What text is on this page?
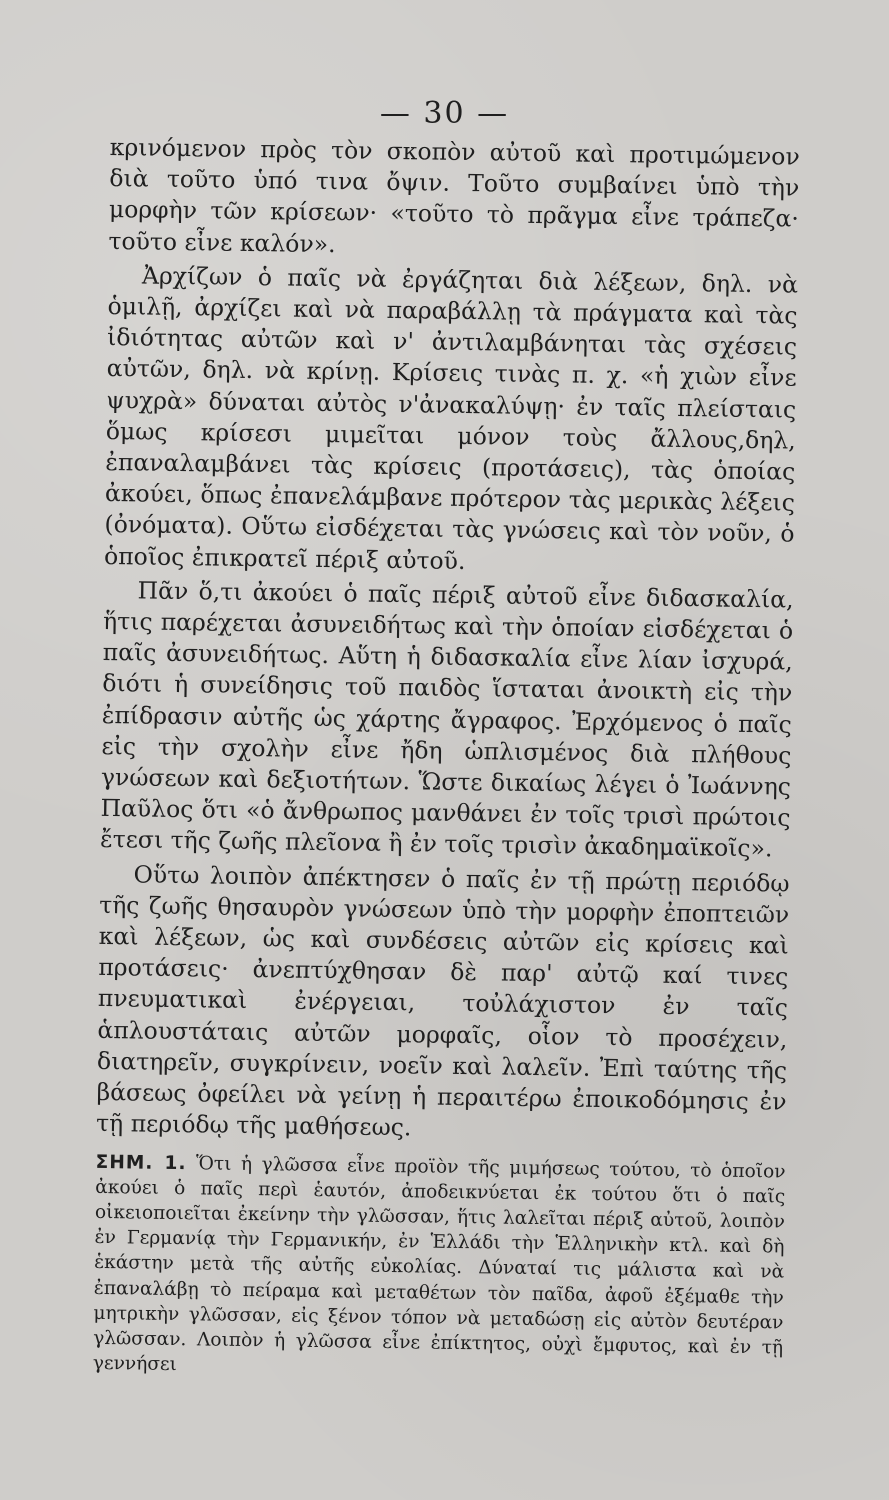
— 30 —

κρινόμενον πρὸς τὸν σκοπὸν αὐτοῦ καὶ προτιμώμενον διὰ τοῦτο ὑπό τινα ὄψιν. Τοῦτο συμβαίνει ὑπὸ τὴν μορφὴν τῶν κρίσεων· «τοῦτο τὸ πρᾶγμα εἶνε τράπεζα· τοῦτο εἶνε καλόν».

Ἀρχίζων ὁ παῖς νὰ ἐργάζηται διὰ λέξεων, δηλ. νὰ ὁμιλῇ, ἀρχίζει καὶ νὰ παραβάλλῃ τὰ πράγματα καὶ τὰς ἰδιότητας αὐτῶν καὶ ν' ἀντιλαμβάνηται τὰς σχέσεις αὐτῶν, δηλ. νὰ κρίνῃ. Κρίσεις τινὰς π. χ. «ἡ χιὼν εἶνε ψυχρὰ» δύναται αὐτὸς ν'ἀνακαλύψῃ· ἐν ταῖς πλείσταις ὅμως κρίσεσι μιμεῖται μόνον τοὺς ἄλλους,δηλ, ἐπαναλαμβάνει τὰς κρίσεις (προτάσεις), τὰς ὁποίας ἀκούει, ὅπως ἐπανελάμβανε πρότερον τὰς μερικὰς λέξεις (ὀνόματα). Οὕτω εἰσδέχεται τὰς γνώσεις καὶ τὸν νοῦν, ὁ ὁποῖος ἐπικρατεῖ πέριξ αὐτοῦ.

Πᾶν ὅ,τι ἀκούει ὁ παῖς πέριξ αὐτοῦ εἶνε διδασκαλία, ἥτις παρέχεται ἀσυνειδήτως καὶ τὴν ὁποίαν εἰσδέχεται ὁ παῖς ἀσυνειδήτως. Αὕτη ἡ διδασκαλία εἶνε λίαν ἰσχυρά, διότι ἡ συνείδησις τοῦ παιδὸς ἵσταται ἀνοικτὴ εἰς τὴν ἐπίδρασιν αὐτῆς ὡς χάρτης ἄγραφος. Ἐρχόμενος ὁ παῖς εἰς τὴν σχολὴν εἶνε ἤδη ὡπλισμένος διὰ πλήθους γνώσεων καὶ δεξιοτήτων. Ὥστε δικαίως λέγει ὁ Ἰωάννης Παῦλος ὅτι «ὁ ἄνθρωπος μανθάνει ἐν τοῖς τρισὶ πρώτοις ἔτεσι τῆς ζωῆς πλεῖονα ἢ ἐν τοῖς τρισὶν ἀκαδημαϊκοῖς».

Οὕτω λοιπὸν ἀπέκτησεν ὁ παῖς ἐν τῇ πρώτῃ περιόδῳ τῆς ζωῆς θησαυρὸν γνώσεων ὑπὸ τὴν μορφὴν ἐποπτειῶν καὶ λέξεων, ὡς καὶ συνδέσεις αὐτῶν εἰς κρίσεις καὶ προτάσεις· ἀνεπτύχθησαν δὲ παρ' αὐτῷ καί τινες πνευματικαὶ ἐνέργειαι, τοὐλάχιστον ἐν ταῖς ἁπλουστάταις αὐτῶν μορφαῖς, οἷον τὸ προσέχειν, διατηρεῖν, συγκρίνειν, νοεῖν καὶ λαλεῖν. Ἐπὶ ταύτης τῆς βάσεως ὀφείλει νὰ γείνῃ ἡ περαιτέρω ἐποικοδόμησις ἐν τῇ περιόδῳ τῆς μαθήσεως.

ΣΗΜ. 1. Ὅτι ἡ γλῶσσα εἶνε προϊὸν τῆς μιμήσεως τούτου, τὸ ὁποῖον ἀκούει ὁ παῖς περὶ ἑαυτόν, ἀποδεικνύεται ἐκ τούτου ὅτι ὁ παῖς οἰκειοποιεῖται ἐκείνην τὴν γλῶσσαν, ἥτις λαλεῖται πέριξ αὐτοῦ, λοιπὸν ἐν Γερμανίᾳ τὴν Γερμανικήν, ἐν Ἑλλάδι τὴν Ἑλληνικὴν κτλ. καὶ δὴ ἑκάστην μετὰ τῆς αὐτῆς εὐκολίας. Δύναταί τις μάλιστα καὶ νὰ ἐπαναλάβῃ τὸ πείραμα καὶ μεταθέτων τὸν παῖδα, ἀφοῦ ἐξέμαθε τὴν μητρικὴν γλῶσσαν, εἰς ξένον τόπον νὰ μεταδώσῃ εἰς αὐτὸν δευτέραν γλῶσσαν. Λοιπὸν ἡ γλῶσσα εἶνε ἐπίκτητος, οὐχὶ ἔμφυτος, καὶ ἐν τῇ γεννήσει
